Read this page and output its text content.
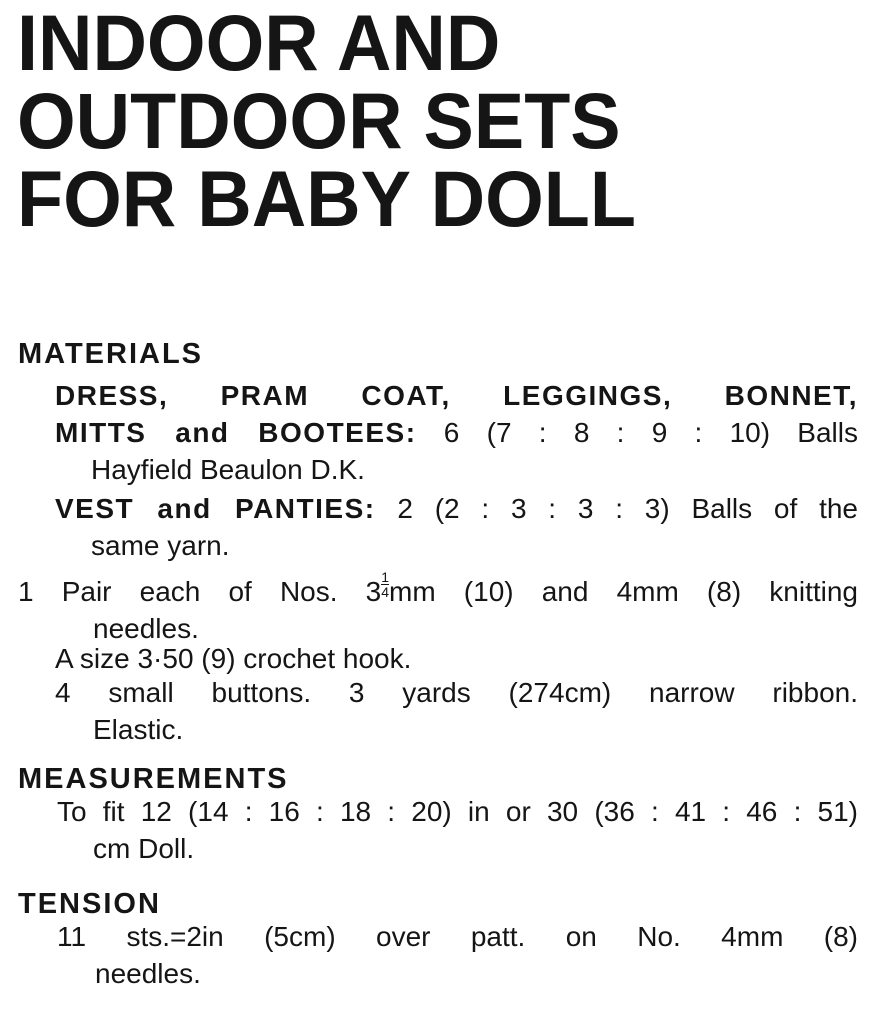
INDOOR AND
OUTDOOR SETS
FOR BABY DOLL
MATERIALS
DRESS, PRAM COAT, LEGGINGS, BONNET,
MITTS and BOOTEES: 6 (7 : 8 : 9 : 10) Balls
Hayfield Beaulon D.K.
VEST and PANTIES: 2 (2 : 3 : 3 : 3) Balls of the
same yarn.
1 Pair each of Nos. $3 \frac{1}{4}$ mm (10) and 4mm (8) knitting
needles.
A size 3·50 (9) crochet hook.
4 small buttons. 3 yards (274cm) narrow ribbon.
Elastic.
MEASUREMENTS
To fit 12 (14 : 16 : 18 : 20) in or 30 (36 : 41 : 46 : 51)
cm Doll.
TENSION
11 sts.=2in (5cm) over patt. on No. 4mm (8)
needles.
